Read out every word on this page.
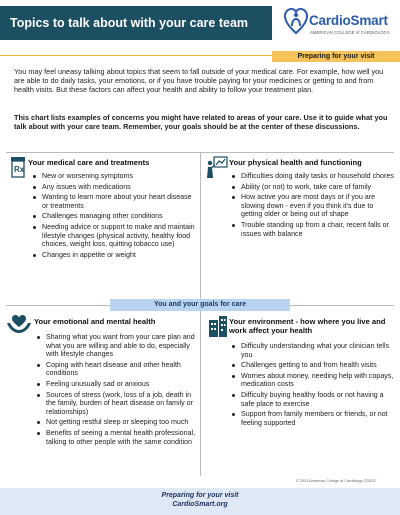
Topics to talk about with your care team	CardioSmart
AMERICAN COLLEGE of CARDIOLOGY.
Preparing for your visit

You may feel uneasy talking about topics that seem to fall outside of your medical care. For example, how well you are able to do daily tasks, your emotions, or if you have trouble paying for your medicines or getting to and from health visits. But these factors can affect your health and ability to follow your treatment plan.

This chart lists examples of concerns you might have related to areas of your care. Use it to guide what you talk about with your care team. Remember, your goals should be at the center of these discussions.

You and your goals for care
Rx
Your medical care and treatments
New or worsening symptoms
Any issues with medications
Wanting to learn more about your heart disease or treatments
Challenges managing other conditions
Needing advice or support to make and maintain lifestyle changes (physical activity, healthy food choices, weight loss, quitting tobacco use)
Changes in appetite or weight
Your physical health and functioning
Difficulties doing daily tasks or household chores
Ability (or not) to work, take care of family
How active you are most days or if you are slowing down - even if you think it's due to getting older or being out of shape
Trouble standing up from a chair, recent falls or issues with balance
Your emotional and mental health
Sharing what you want from your care plan and what you are willing and able to do, especially with lifestyle changes
Coping with heart disease and other health conditions
Feeling unusually sad or anxious
Sources of stress (work, loss of a job, death in the family, burden of heart disease on family or relationships)
Not getting restful sleep or sleeping too much
Benefits of seeing a mental health professional, talking to other people with the same condition
Your environment - how where you live and work affect your health
Difficulty understanding what your clinician tells you
Challenges getting to and from health visits
Worries about money, needing help with copays, medication costs
Difficulty buying healthy foods or not having a safe place to exercise
Support from family members or friends, or not feeling supported
© 2023 American College of Cardiology Z23037
Preparing for your visit
CardioSmart.org
